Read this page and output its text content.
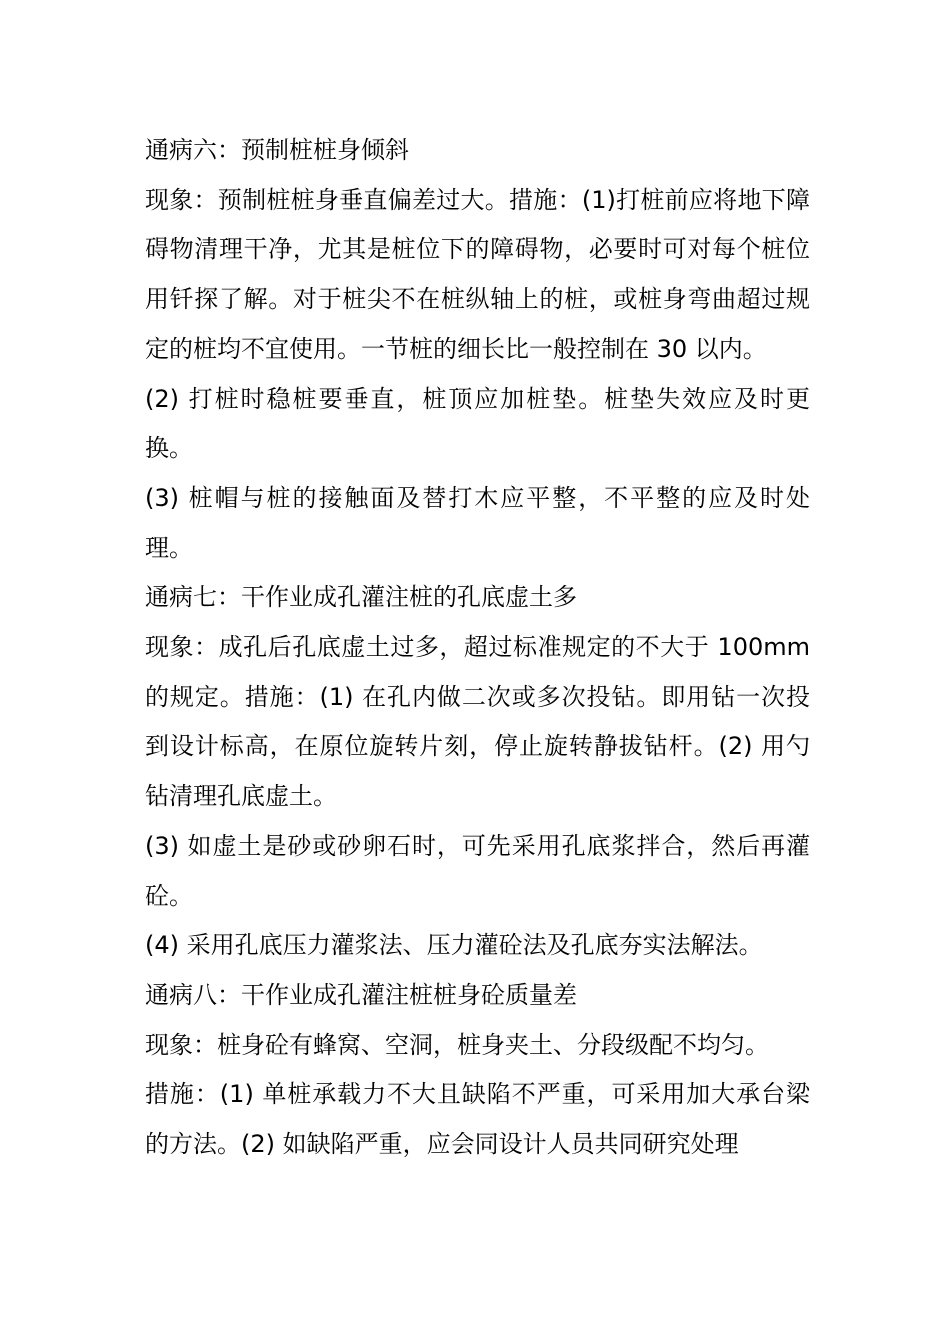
通病六：预制桩桩身倾斜

现象：预制桩桩身垂直偏差过大。措施：(1)打桩前应将地下障碍物清理干净，尤其是桩位下的障碍物，必要时可对每个桩位用钎探了解。对于桩尖不在桩纵轴上的桩，或桩身弯曲超过规定的桩均不宜使用。一节桩的细长比一般控制在 30 以内。

(2) 打桩时稳桩要垂直，桩顶应加桩垫。桩垫失效应及时更换。

(3) 桩帽与桩的接触面及替打木应平整，不平整的应及时处理。

通病七：干作业成孔灌注桩的孔底虚土多

现象：成孔后孔底虚土过多，超过标准规定的不大于 100mm 的规定。措施：(1) 在孔内做二次或多次投钻。即用钻一次投到设计标高，在原位旋转片刻，停止旋转静拔钻杆。(2) 用勺钻清理孔底虚土。

(3) 如虚土是砂或砂卵石时，可先采用孔底浆拌合，然后再灌砼。

(4) 采用孔底压力灌浆法、压力灌砼法及孔底夯实法解法。

通病八：干作业成孔灌注桩桩身砼质量差

现象：桩身砼有蜂窝、空洞，桩身夹土、分段级配不均匀。

措施：(1) 单桩承载力不大且缺陷不严重，可采用加大承台梁的方法。(2) 如缺陷严重，应会同设计人员共同研究处理
